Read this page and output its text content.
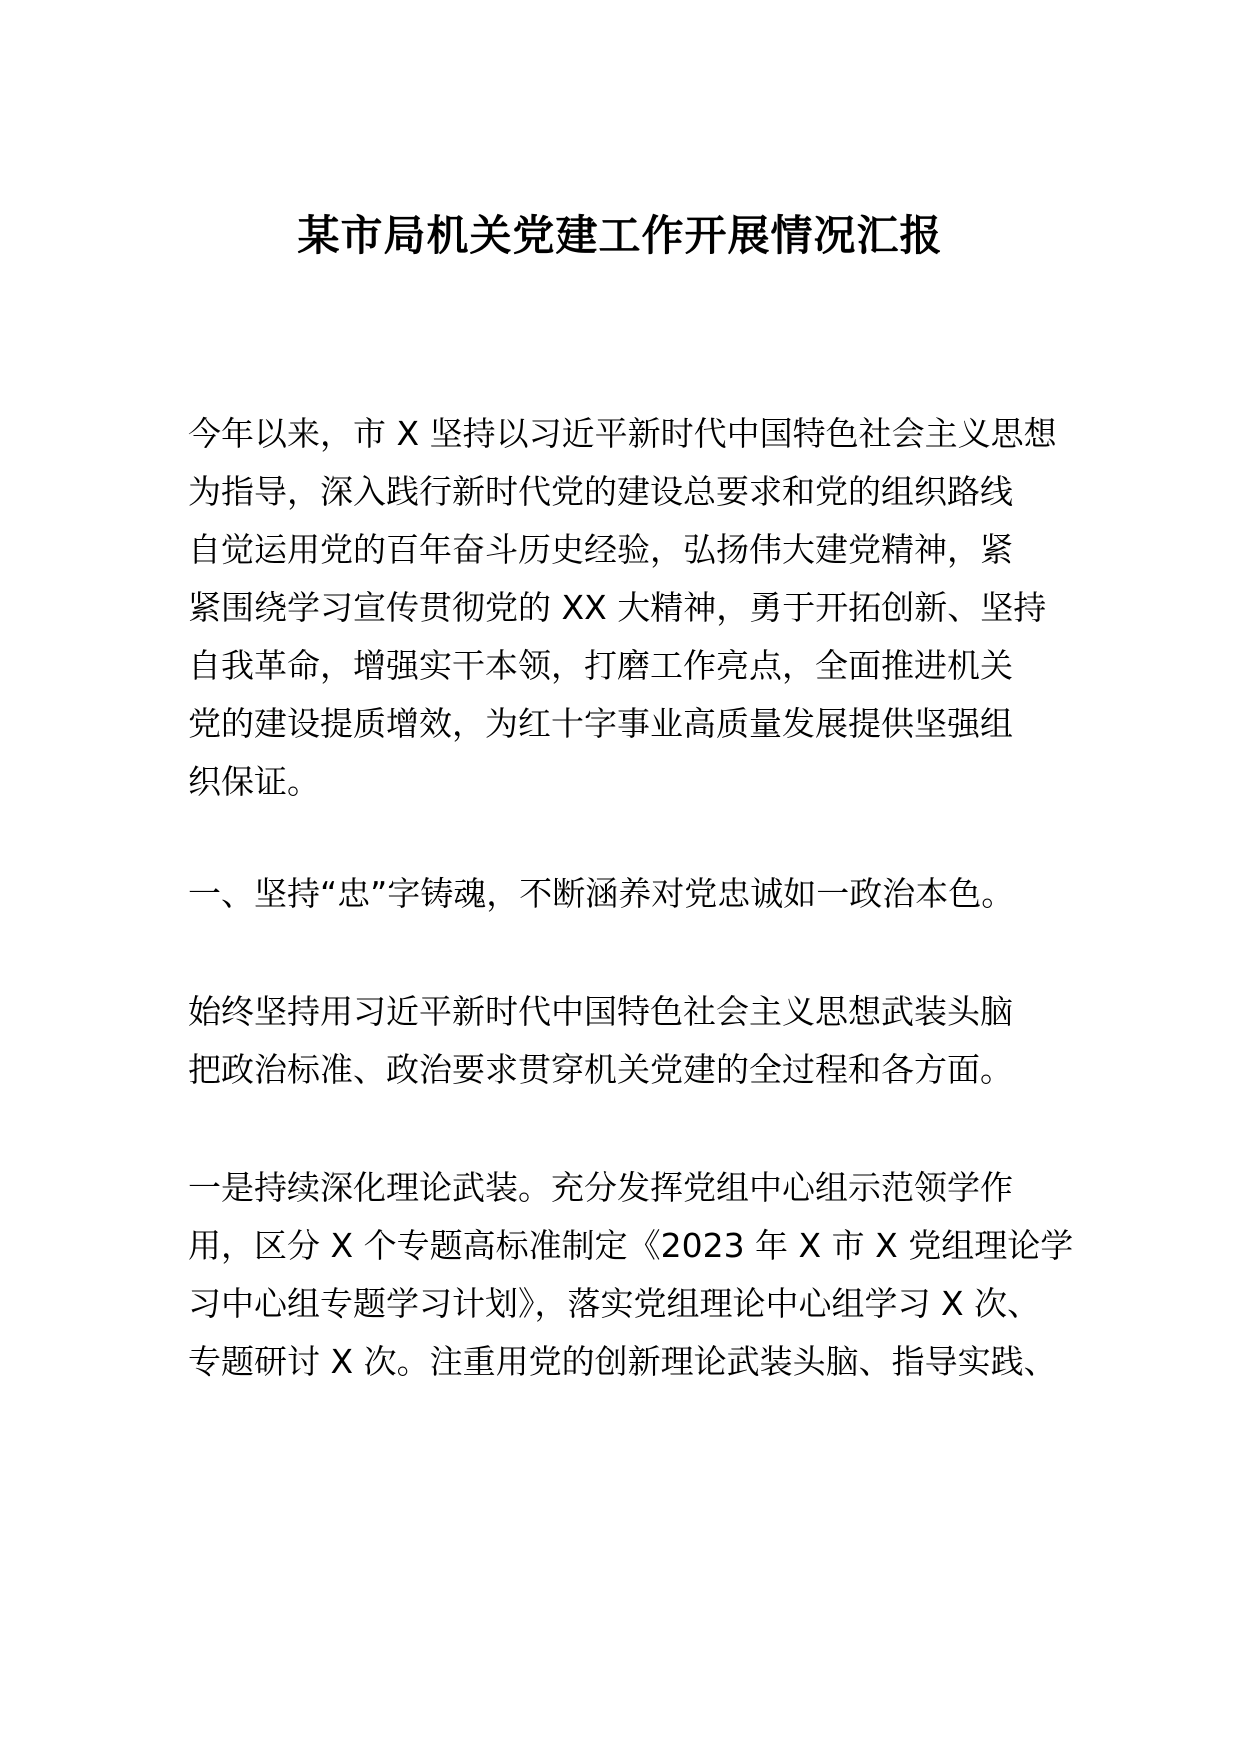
某市局机关党建工作开展情况汇报

今年以来，市 X 坚持以习近平新时代中国特色社会主义思想

为指导，深入践行新时代党的建设总要求和党的组织路线

自觉运用党的百年奋斗历史经验，弘扬伟大建党精神，紧

紧围绕学习宣传贯彻党的 XX 大精神，勇于开拓创新、坚持

自我革命，增强实干本领，打磨工作亮点，全面推进机关

党的建设提质增效，为红十字事业高质量发展提供坚强组

织保证。

一、坚持“忠”字铸魂，不断涵养对党忠诚如一政治本色。

始终坚持用习近平新时代中国特色社会主义思想武装头脑

把政治标准、政治要求贯穿机关党建的全过程和各方面。

一是持续深化理论武装。充分发挥党组中心组示范领学作

用，区分 X 个专题高标准制定《2023 年 X 市 X 党组理论学

习中心组专题学习计划》，落实党组理论中心组学习 X 次、

专题研讨 X 次。注重用党的创新理论武装头脑、指导实践、
